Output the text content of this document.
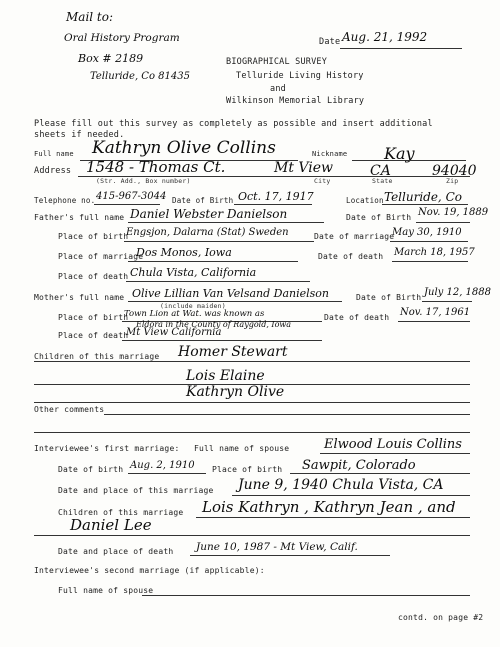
Mail to:
Oral History Program
Box # 2189
Telluride, Co 81435
Date Aug. 21, 1992
BIOGRAPHICAL SURVEY
Telluride Living History
and
Wilkinson Memorial Library
Please fill out this survey as completely as possible and insert additional
sheets if needed.
Full name Kathryn Olive Collins	Nickname Kay
Address 1548 - Thomas Ct.	Mt View	CA	94040
(Str. Add., Box number)	City	State	Zip
Telephone no. 415-967-3044 Date of Birth Oct. 17, 1917	Location Telluride, Co
Father's full name Daniel Webster Danielson	Date of Birth Nov. 19, 1889
Place of birth
Engsjon, Dalarna (Stat) Sweden	Date of marriage
May 30, 1910
Place of marriage
Dos Monos, Iowa	Date of death March 18, 1957
Place of death Chula Vista, California
Mother's full name Olive Lillian Van Velsand Danielson
(include maiden)
Date of Birth July 12, 1888
Place of birth
Town Lion at Wat. was known as
Eldora in the County of Raygold, Iowa
Date of death Nov. 17, 1961
Place of death
Mt View California
Children of this marriage Homer Stewart
Lois Elaine
Kathryn Olive
Other comments
Interviewee's first marriage: Full name of spouse	Elwood Louis Collins
Date of birth Aug. 2, 1910 Place of birth Sawpit, Colorado
Date and place of this marriage June 9, 1940 Chula Vista, CA
Children of this marriage Lois Kathryn , Kathryn Jean , and
Daniel Lee
Date and place of death June 10, 1987 - Mt View, Calif.
Interviewee's second marriage (if applicable):
Full name of spouse
contd. on page #2
